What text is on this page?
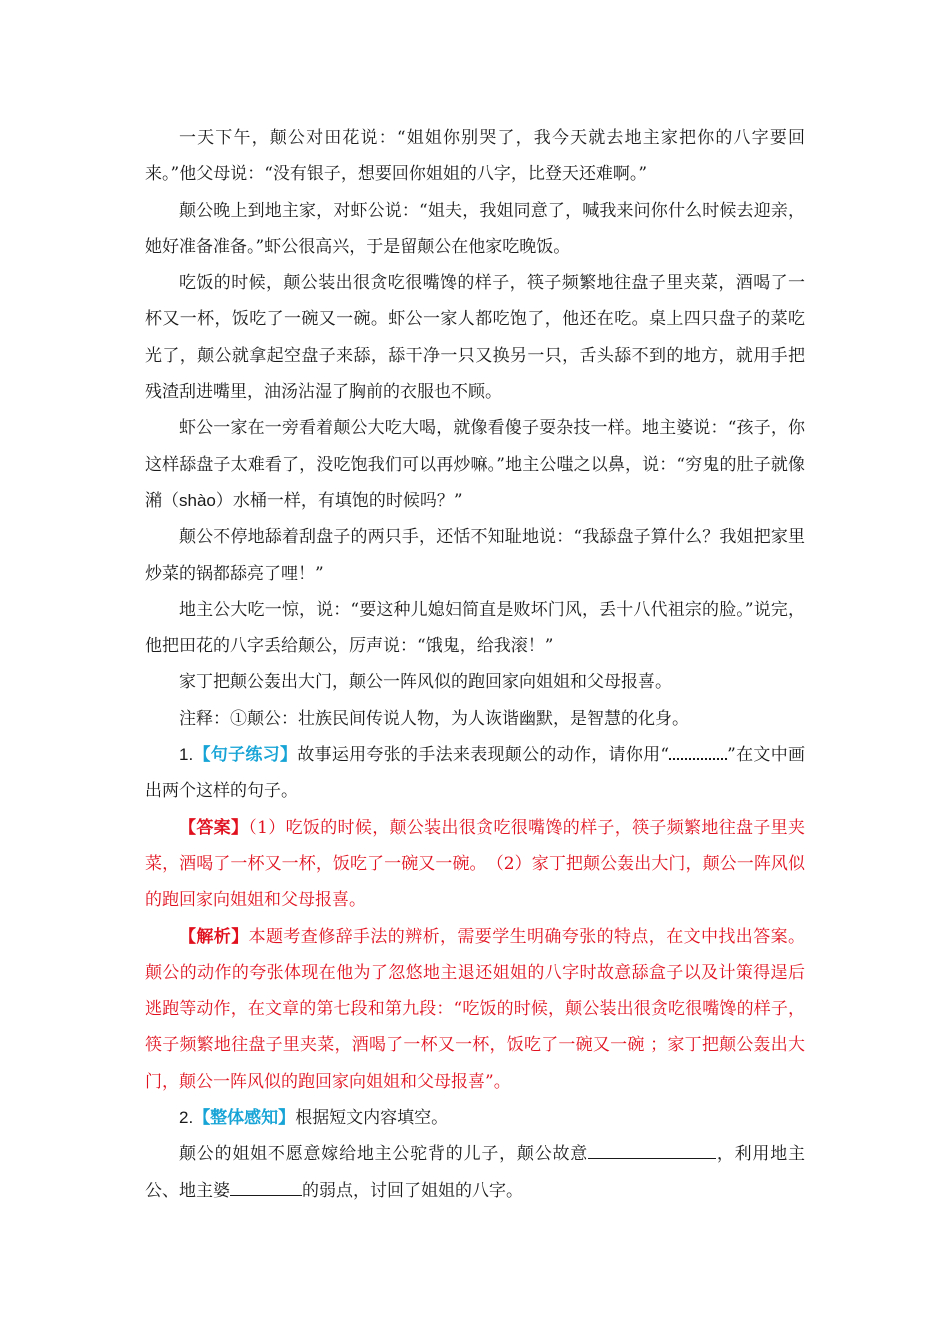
一天下午，颠公对田花说：“姐姐你别哭了，我今天就去地主家把你的八字要回来。”他父母说：“没有银子，想要回你姐姐的八字，比登天还难啊。”

颠公晚上到地主家，对虾公说：“姐夫，我姐同意了，喊我来问你什么时候去迎亲，她好准备准备。”虾公很高兴，于是留颠公在他家吃晚饭。

吃饭的时候，颠公装出很贪吃很嘴馋的样子，筷子频繁地往盘子里夹菜，酒喝了一杯又一杯，饭吃了一碗又一碗。虾公一家人都吃饱了，他还在吃。桌上四只盘子的菜吃光了，颠公就拿起空盘子来舔，舔干净一只又换另一只，舌头舔不到的地方，就用手把残渣刮进嘴里，油汤沾湿了胸前的衣服也不顾。

虾公一家在一旁看着颠公大吃大喝，就像看傻子耍杂技一样。地主婆说：“孩子，你这样舔盘子太难看了，没吃饱我们可以再炒嘛。”地主公嗤之以鼻，说：“穷鬼的肚子就像潲（shào）水桶一样，有填饱的时候吗？”

颠公不停地舔着刮盘子的两只手，还恬不知耻地说：“我舔盘子算什么？我姐把家里炒菜的锅都舔亮了哩！”

地主公大吃一惊，说：“要这种儿媳妇简直是败坏门风，丢十八代祖宗的脸。”说完，他把田花的八字丢给颠公，厉声说：“饿鬼，给我滚！”

家丁把颠公轰出大门，颠公一阵风似的跑回家向姐姐和父母报喜。

注释：①颠公：壮族民间传说人物，为人诙谐幽默，是智慧的化身。

1.【句子练习】故事运用夸张的手法来表现颠公的动作，请你用“	”在文中画出两个这样的句子。

【答案】（1）吃饭的时候，颠公装出很贪吃很嘴馋的样子，筷子频繁地往盘子里夹菜，酒喝了一杯又一杯，饭吃了一碗又一碗。　（2）家丁把颠公轰出大门，颠公一阵风似的跑回家向姐姐和父母报喜。

【解析】本题考查修辞手法的辨析，需要学生明确夸张的特点，在文中找出答案。颠公的动作的夸张体现在他为了忽悠地主退还姐姐的八字时故意舔盒子以及计策得逞后逃跑等动作，在文章的第七段和第九段：“吃饭的时候，颠公装出很贪吃很嘴馋的样子，筷子频繁地往盘子里夹菜，酒喝了一杯又一杯，饭吃了一碗又一碗 ；家丁把颠公轰出大门，颠公一阵风似的跑回家向姐姐和父母报喜”。

2.【整体感知】根据短文内容填空。

颠公的姐姐不愿意嫁给地主公驼背的儿子，颠公故意	，利用地主公、地主婆	的弱点，讨回了姐姐的八字。
